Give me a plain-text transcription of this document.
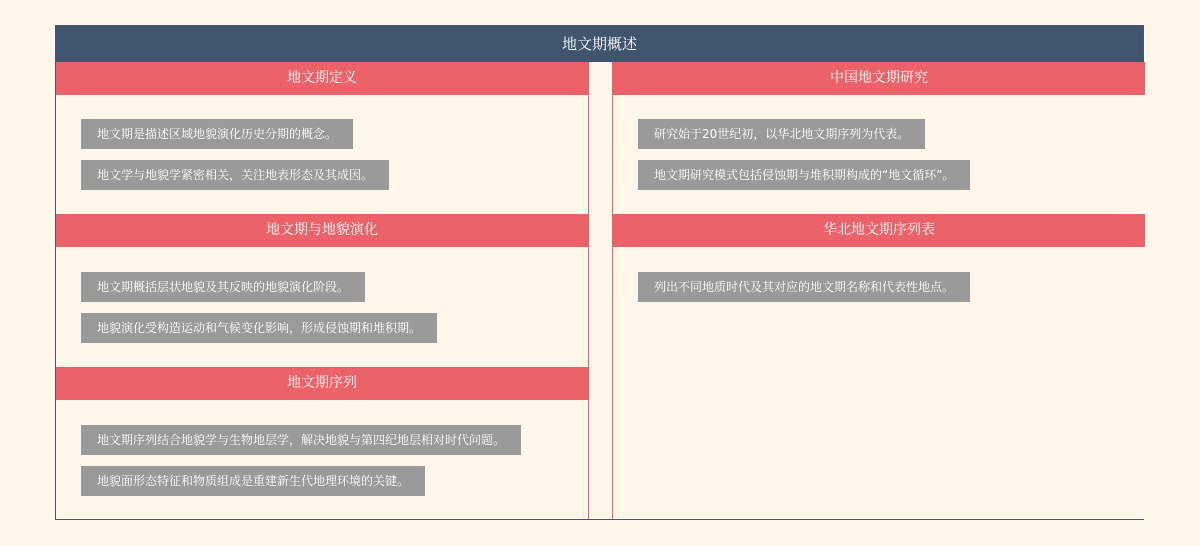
地文期概述
地文期定义
地文期是描述区域地貌演化历史分期的概念。
地文学与地貌学紧密相关，关注地表形态及其成因。
地文期与地貌演化
地文期概括层状地貌及其反映的地貌演化阶段。
地貌演化受构造运动和气候变化影响，形成侵蚀期和堆积期。
地文期序列
地文期序列结合地貌学与生物地层学，解决地貌与第四纪地层相对时代问题。
地貌面形态特征和物质组成是重建新生代地理环境的关键。
中国地文期研究
研究始于20世纪初，以华北地文期序列为代表。
地文期研究模式包括侵蚀期与堆积期构成的“地文循环”。
华北地文期序列表
列出不同地质时代及其对应的地文期名称和代表性地点。
